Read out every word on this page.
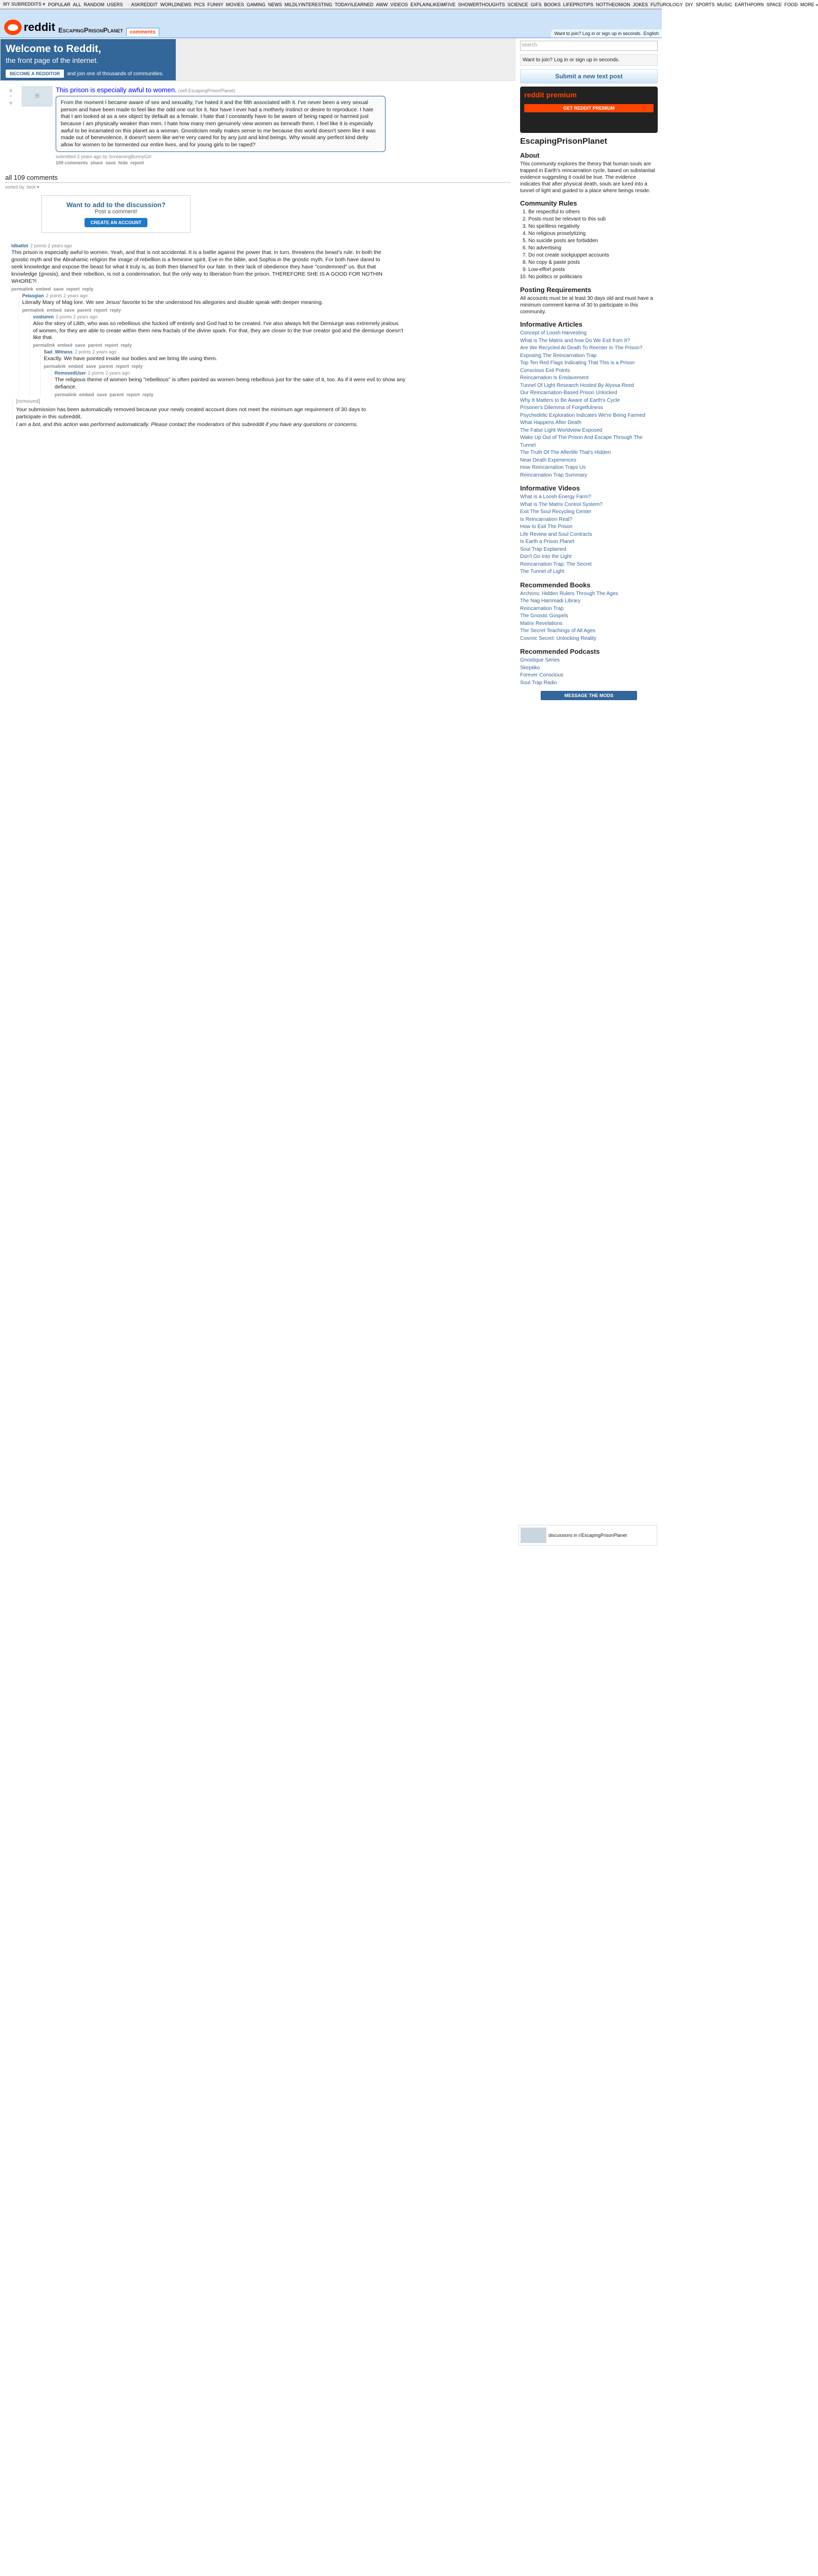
MY SUBREDDITS ▾ POPULAR ALL RANDOM USERS	- ASKREDDIT WORLDNEWS PICS FUNNY MOVIES GAMING NEWS MILDLYINTERESTING TODAYILEARNED AWW VIDEOS EXPLAINLIKEIMFIVE SHOWERTHOUGHTS SCIENCE GIFS BOOKS LIFEPROTIPS NOTTHEONION JOKES FUTUROLOGY DIY SPORTS MUSIC EARTHPORN SPACE FOOD MORE »
reddit EscapingPrisonPlanet	comments	Want to join? Log in or sign up in seconds. English
Welcome to Reddit,

the front page of the internet.

BECOME A REDDITOR	and join one of thousands of communities.
▲
•
▼
≡
This prison is especially awful to women. (self.EscapingPrisonPlanet)
From the moment I became aware of sex and sexuality, I've hated it and the filth associated with it. I've never been a very sexual person and have been made to feel like the odd one out for it. Nor have I ever had a motherly instinct or desire to reproduce. I hate that I am looked at as a sex object by default as a female. I hate that I constantly have to be aware of being raped or harmed just because I am physically weaker than men. I hate how many men genuinely view women as beneath them. I feel like it is especially awful to be incarnated on this planet as a woman. Gnosticism really makes sense to me because this world doesn't seem like it was made out of benevolence, it doesn't seem like we're very cared for by any just and kind beings. Why would any perfect kind deity allow for women to be tormented our entire lives, and for young girls to be raped?
submitted 2 years ago by ScreamingBunnyGirl
109 comments share save hide report
all 109 comments
sorted by: best ▾
Want to add to the discussion?

Post a comment!

CREATE AN ACCOUNT
Idbatlot 2 points 2 years ago
This prison is especially awful to women. Yeah, and that is not accidental. It is a battle against the power that, in turn, threatens the beast's rule. In both the gnostic myth and the Abrahamic religion the image of rebellion is a feminine spirit, Eve in the bible, and Sophia in the gnostic myth. For both have dared to seek knowledge and expose the beast for what it truly is, as both then blamed for our fate. In their lack of obedience they have "condemned" us. But that knowledge (gnosis), and their rebellion, is not a condemnation, but the only way to liberation from the prison. THEREFORE SHE IS A GOOD FOR NOTHIN WHORE?!
permalink embed save report reply
Pelasgian 2 points 2 years ago
Literally Mary of Mag lore. We see Jesus' favorite to be she understood his allegories and double speak with deeper meaning.
permalink embed save parent report reply
voidsiren 2 points 2 years ago
Also the story of Lilith, who was so rebellious she fucked off entirely and God had to be created. I've also always felt the Demiurge was extremely jealous of women, for they are able to create within them new fractals of the divine spark. For that, they are closer to the true creator god and the demiurge doesn't like that.
permalink embed save parent report reply
Sad_Witness 2 points 2 years ago
Exactly. We have pointed inside our bodies and we bring life using them.
permalink embed save parent report reply
RemovedUser 2 points 2 years ago
The religious theme of women being "rebellious" is often painted as women being rebellious just for the sake of it, too. As if it were evil to show any defiance.
permalink embed save parent report reply
[removed]
Your submission has been automatically removed because your newly created account does not meet the minimum age requirement of 30 days to participate in this subreddit.
I am a bot, and this action was performed automatically. Please contact the moderators of this subreddit if you have any questions or concerns.
search
Want to join? Log in or sign up in seconds.
Submit a new text post
reddit premium
GET REDDIT PREMIUM
EscapingPrisonPlanet
About
This community explores the theory that human souls are trapped in Earth's reincarnation cycle, based on substantial evidence suggesting it could be true. The evidence indicates that after physical death, souls are lured into a tunnel of light and guided to a place where beings reside.
Community Rules
1. Be respectful to others
2. Posts must be relevant to this sub
3. No spiritless negativity
4. No religious proselytizing
5. No suicide posts are forbidden
6. No advertising
7. Do not create sockpuppet accounts
8. No copy & paste posts
9. Low-effort posts
10. No politics or politicians
Posting Requirements
All accounts must be at least 30 days old and must have a minimum comment karma of 30 to participate in this community.
Informative Articles
Concept of Loosh Harvesting
What is The Matrix and how Do We Exit from It?
Are We Recycled At Death To Reenter In The Prison?
Exposing The Reincarnation Trap
Top Ten Red Flags Indicating That This is a Prison
Conscious Exit Points
Reincarnation Is Enslavement
Tunnel Of Light Research Hosted By Alyssa Reed
Our Reincarnation-Based Prison Unlocked
Why It Matters to Be Aware of Earth's Cycle
Prisoner's Dilemma of Forgetfulness
Psychedelic Exploration Indicates We're Being Farmed
What Happens After Death
The False Light Worldview Exposed
Wake Up Out of The Prison And Escape Through The Tunnel
The Truth Of The Afterlife That's Hidden
Near Death Experiences
How Reincarnation Traps Us
Reincarnation Trap Summary
Informative Videos
What is a Loosh Energy Farm?
What is The Matrix Control System?
Exit The Soul Recycling Center
Is Reincarnation Real?
How to Exit The Prison
Life Review and Soul Contracts
Is Earth a Prison Planet
Soul Trap Explained
Don't Go Into the Light
Reincarnation Trap: The Secret
The Tunnel of Light
Recommended Books
Archons: Hidden Rulers Through The Ages
The Nag Hammadi Library
Reincarnation Trap
The Gnostic Gospels
Matrix Revelations
The Secret Teachings of All Ages
Cosmic Secret: Unlocking Reality
Recommended Podcasts
Gnostique Series
Skeptiko
Forever Conscious
Soul Trap Radio
MESSAGE THE MODS
discussions in r/EscapingPrisonPlanet
